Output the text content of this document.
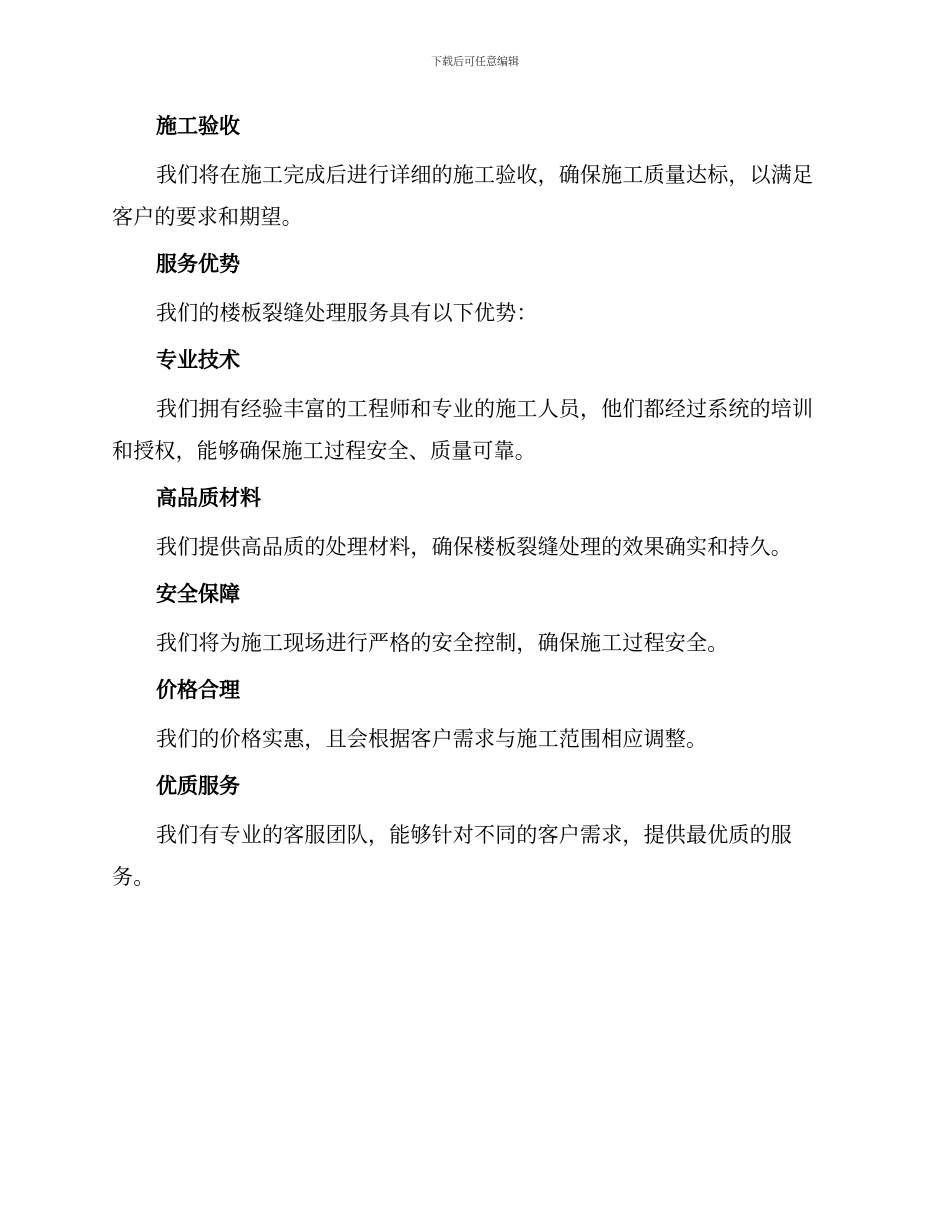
下载后可任意编辑
施工验收

我们将在施工完成后进行详细的施工验收，确保施工质量达标，以满足客户的要求和期望。

服务优势

我们的楼板裂缝处理服务具有以下优势：

专业技术

我们拥有经验丰富的工程师和专业的施工人员，他们都经过系统的培训和授权，能够确保施工过程安全、质量可靠。

高品质材料

我们提供高品质的处理材料，确保楼板裂缝处理的效果确实和持久。

安全保障

我们将为施工现场进行严格的安全控制，确保施工过程安全。

价格合理

我们的价格实惠，且会根据客户需求与施工范围相应调整。

优质服务

我们有专业的客服团队，能够针对不同的客户需求，提供最优质的服务。
